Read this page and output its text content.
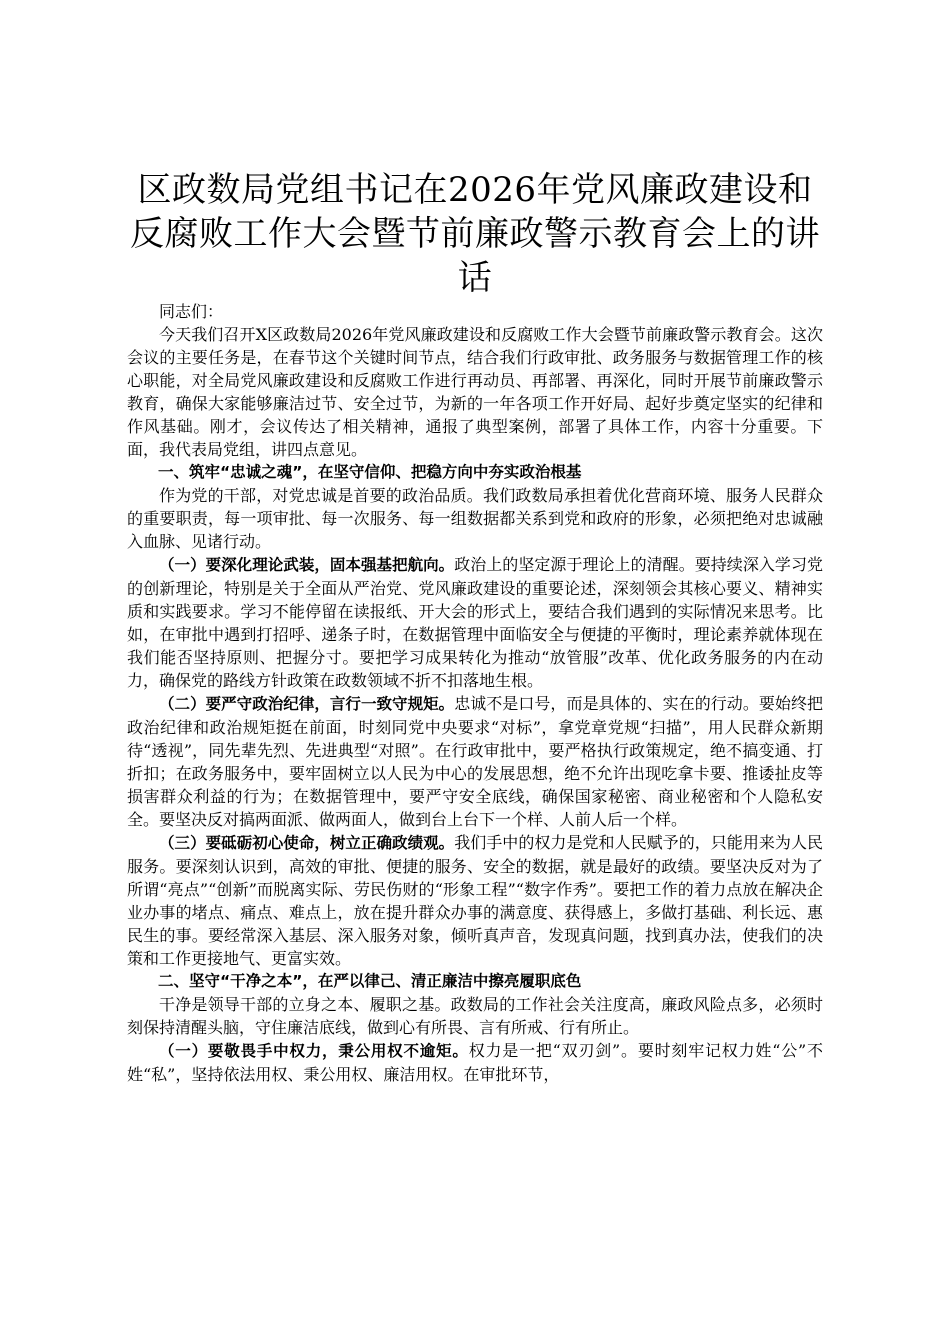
区政数局党组书记在2026年党风廉政建设和
反腐败工作大会暨节前廉政警示教育会上的讲
话

同志们：

今天我们召开X区政数局2026年党风廉政建设和反腐败工作大会暨节前廉政警示教育会。这次会议的主要任务是，在春节这个关键时间节点，结合我们行政审批、政务服务与数据管理工作的核心职能，对全局党风廉政建设和反腐败工作进行再动员、再部署、再深化，同时开展节前廉政警示教育，确保大家能够廉洁过节、安全过节，为新的一年各项工作开好局、起好步奠定坚实的纪律和作风基础。刚才，会议传达了相关精神，通报了典型案例，部署了具体工作，内容十分重要。下面，我代表局党组，讲四点意见。

一、筑牢“忠诚之魂”，在坚守信仰、把稳方向中夯实政治根基

作为党的干部，对党忠诚是首要的政治品质。我们政数局承担着优化营商环境、服务人民群众的重要职责，每一项审批、每一次服务、每一组数据都关系到党和政府的形象，必须把绝对忠诚融入血脉、见诸行动。

（一）要深化理论武装，固本强基把航向。政治上的坚定源于理论上的清醒。要持续深入学习党的创新理论，特别是关于全面从严治党、党风廉政建设的重要论述，深刻领会其核心要义、精神实质和实践要求。学习不能停留在读报纸、开大会的形式上，要结合我们遇到的实际情况来思考。比如，在审批中遇到打招呼、递条子时，在数据管理中面临安全与便捷的平衡时，理论素养就体现在我们能否坚持原则、把握分寸。要把学习成果转化为推动“放管服”改革、优化政务服务的内在动力，确保党的路线方针政策在政数领域不折不扣落地生根。

（二）要严守政治纪律，言行一致守规矩。忠诚不是口号，而是具体的、实在的行动。要始终把政治纪律和政治规矩挺在前面，时刻同党中央要求“对标”，拿党章党规“扫描”，用人民群众新期待“透视”，同先辈先烈、先进典型“对照”。在行政审批中，要严格执行政策规定，绝不搞变通、打折扣；在政务服务中，要牢固树立以人民为中心的发展思想，绝不允许出现吃拿卡要、推诿扯皮等损害群众利益的行为；在数据管理中，要严守安全底线，确保国家秘密、商业秘密和个人隐私安全。要坚决反对搞两面派、做两面人，做到台上台下一个样、人前人后一个样。

（三）要砥砺初心使命，树立正确政绩观。我们手中的权力是党和人民赋予的，只能用来为人民服务。要深刻认识到，高效的审批、便捷的服务、安全的数据，就是最好的政绩。要坚决反对为了所谓“亮点”“创新”而脱离实际、劳民伤财的“形象工程”“数字作秀”。要把工作的着力点放在解决企业办事的堵点、痛点、难点上，放在提升群众办事的满意度、获得感上，多做打基础、利长远、惠民生的事。要经常深入基层、深入服务对象，倾听真声音，发现真问题，找到真办法，使我们的决策和工作更接地气、更富实效。

二、坚守“干净之本”，在严以律己、清正廉洁中擦亮履职底色

干净是领导干部的立身之本、履职之基。政数局的工作社会关注度高，廉政风险点多，必须时刻保持清醒头脑，守住廉洁底线，做到心有所畏、言有所戒、行有所止。

（一）要敬畏手中权力，秉公用权不逾矩。权力是一把“双刃剑”。要时刻牢记权力姓“公”不姓“私”，坚持依法用权、秉公用权、廉洁用权。在审批环节，
